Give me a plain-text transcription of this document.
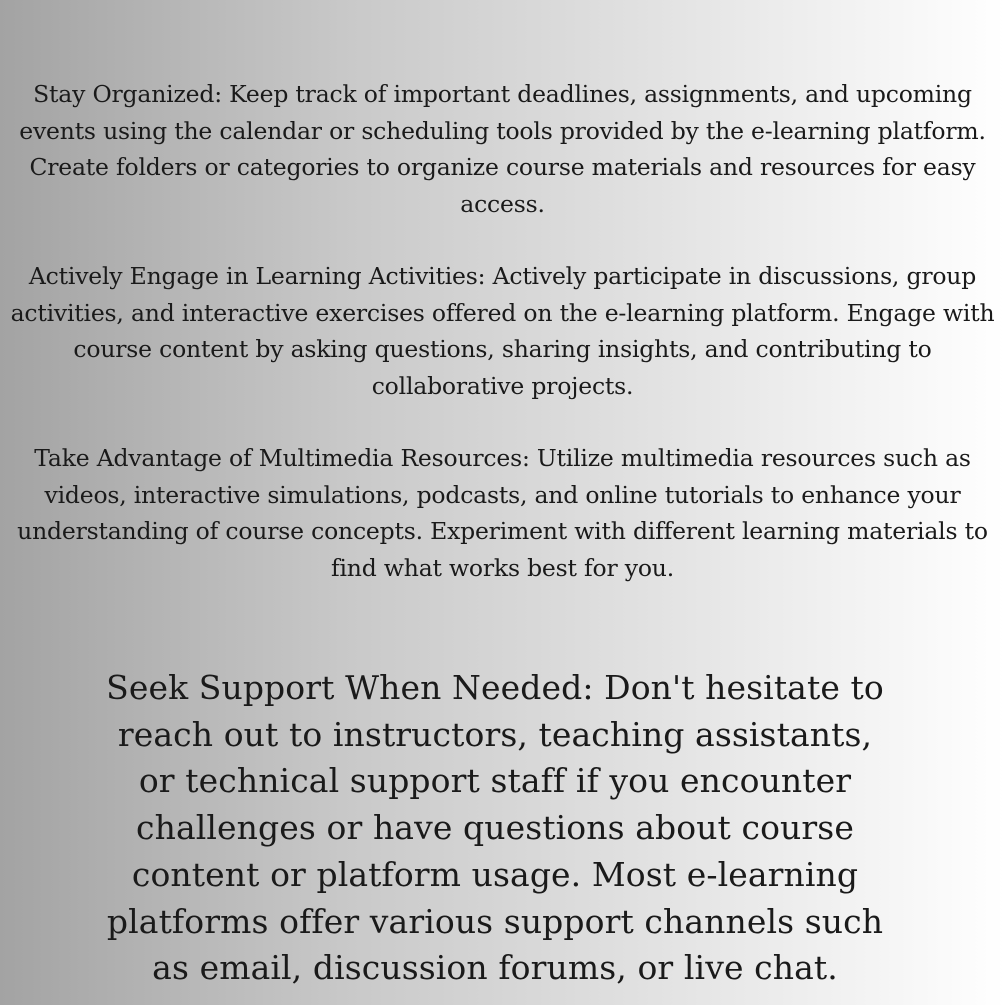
Stay Organized: Keep track of important deadlines, assignments, and upcoming events using the calendar or scheduling tools provided by the e-learning platform. Create folders or categories to organize course materials and resources for easy access.

Actively Engage in Learning Activities: Actively participate in discussions, group activities, and interactive exercises offered on the e-learning platform. Engage with course content by asking questions, sharing insights, and contributing to collaborative projects.

Take Advantage of Multimedia Resources: Utilize multimedia resources such as videos, interactive simulations, podcasts, and online tutorials to enhance your understanding of course concepts. Experiment with different learning materials to find what works best for you.

Seek Support When Needed: Don't hesitate to reach out to instructors, teaching assistants, or technical support staff if you encounter challenges or have questions about course content or platform usage. Most e-learning platforms offer various support channels such as email, discussion forums, or live chat.
